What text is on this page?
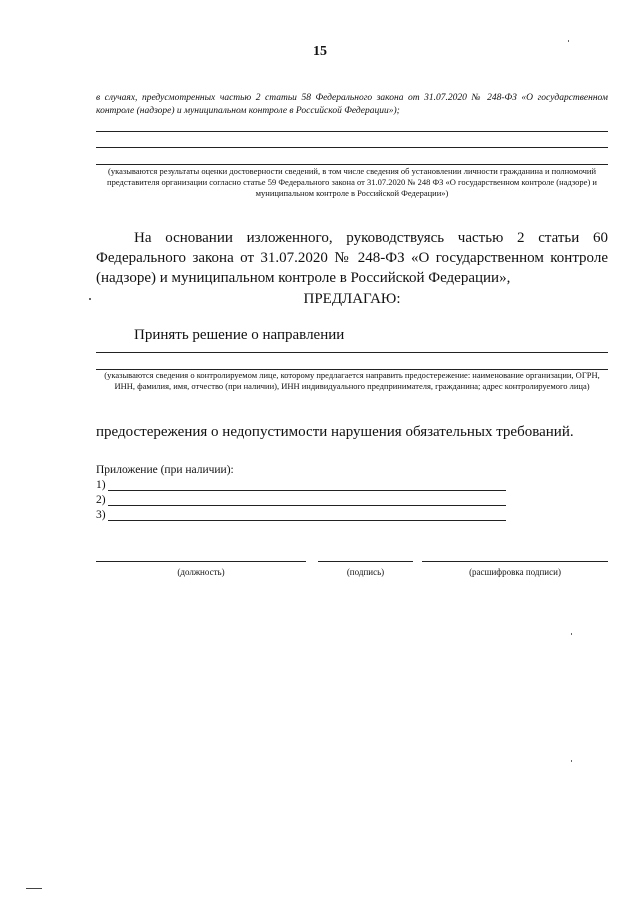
15
в случаях, предусмотренных частью 2 статьи 58 Федерального закона от 31.07.2020 № 248-ФЗ «О государственном контроле (надзоре) и муниципальном контроле в Российской Федерации»);
(указываются результаты оценки достоверности сведений, в том числе сведения об установлении личности гражданина и полномочий представителя организации согласно статье 59 Федерального закона от 31.07.2020 № 248 ФЗ «О государственном контроле (надзоре) и муниципальном контроле в Российской Федерации»)
На основании изложенного, руководствуясь частью 2 статьи 60 Федерального закона от 31.07.2020 № 248-ФЗ «О государственном контроле (надзоре) и муниципальном контроле в Российской Федерации»,
ПРЕДЛАГАЮ:
Принять решение о направлении
(указываются сведения о контролируемом лице, которому предлагается направить предостережение: наименование организации, ОГРН, ИНН, фамилия, имя, отчество (при наличии), ИНН индивидуального предпринимателя, гражданина; адрес контролируемого лица)
предостережения о недопустимости нарушения обязательных требований.
Приложение (при наличии):
1)
2)
3)
(должность)	(подпись)	(расшифровка подписи)
